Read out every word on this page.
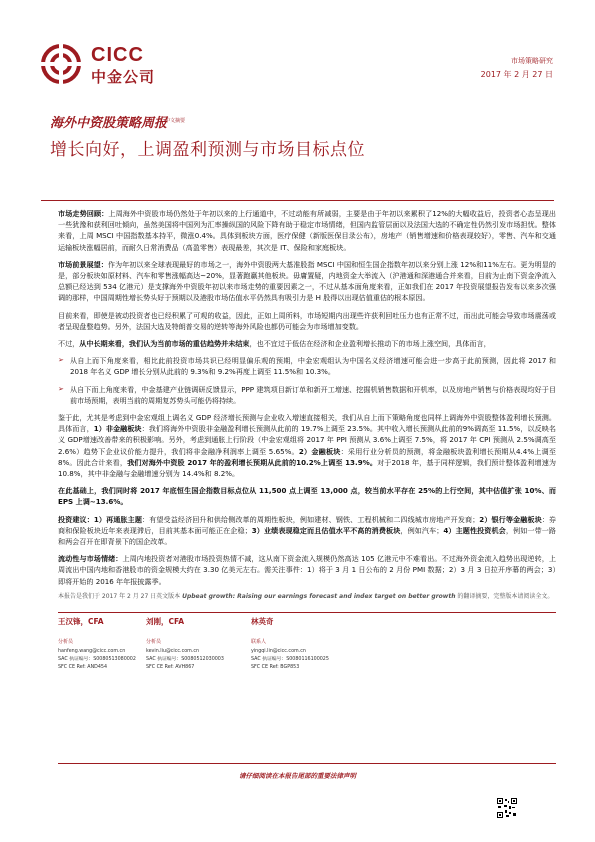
CICC
中金公司
市场策略研究
2017 年 2 月 27 日
海外中资股策略周报
中文摘要
增长向好，上调盈利预测与市场目标点位
市场走势回顾：上周海外中资股市场仍然处于年初以来的上行通道中，不过动能有所减弱，主要是由于年初以来累积了12%的大幅收益后，投资者心态呈现出一些犹豫和获利回吐倾向，虽然美国将中国列为汇率操纵国的风险下降有助于稳定市场情绪，但国内监管层面以及法国大选的不确定性仍然引发市场担忧。整体来看，上周 MSCI 中国指数基本持平，微涨0.4%。具体到板块方面，医疗保健（新版医保目录公布），房地产（销售增速和价格表现较好），零售、汽车和交通运输板块涨幅居前，而耐久日常消费品（高盈零售）表现最差，其次是 IT、保险和家庭板块。
市场前景展望：作为年初以来全球表现最好的市场之一，海外中资股两大基准股指 MSCI 中国和恒生国企指数年初以来分别上涨 12%和11%左右。更为明显的是，部分板块如原材料、汽车和零售涨幅高达~20%，显著跑赢其他板块。毋庸置疑，内地资金大举流入（沪港通和深港通合并来看，目前为止南下资金净流入总额已经达到 534 亿港元）是支撑海外中资股年初以来市场走势的重要因素之一，不过从基本面角度来看，正如我们在 2017 年投资展望报告发布以来多次强调的那样，中国周期性增长势头好于预期以及港股市场估值水平仍然具有吸引力是 H 股得以出现估值重估的根本原因。
目前来看，即使是被动投资者也已经积累了可观的收益，因此，正如上周所料，市场短期内出现些许获利回吐压力也有正常不过，而出此可能会导致市场震荡或者呈现盘整趋势。另外，法国大选及特朗普交易的逆转等海外风险也都仍可能会为市场增加变数。
不过，从中长期来看，我们认为当前市场的重估趋势并未结束，也不宜过于低估在经济和企业盈利增长推动下的市场上涨空间，具体而言，
➢ 从自上而下角度来看，相比此前投资市场共识已经明显偏乐观的预期，中金宏观组认为中国名义经济增速可能会进一步高于此前预测，因此将 2017 和 2018 年名义 GDP 增长分别从此前的 9.3%和 9.2%再度上调至 11.5%和 10.3%。
➢ 从自下而上角度来看，中金基建产业链调研反馈显示，PPP 建筑项目新订单和新开工增速、挖掘机销售数据和开机率，以及房地产销售与价格表现均好于目前市场预期，表明当前的周期复苏势头可能仍将持续。
鉴于此，尤其是考虑到中金宏观组上调名义 GDP 经济增长预测与企业收入增速直接相关，我们从自上而下策略角度也同样上调海外中资股整体盈利增长预测。具体而言，1）非金融板块：我们将海外中资股非金融盈利增长预测从此前的 19.7%上调至 23.5%。其中收入增长预测从此前的9%调高至 11.5%，以反映名义 GDP增速改善带来的积极影响。另外，考虑到通胀上行阶段（中金宏观组将 2017 年 PPI 预测从 3.6%上调至 7.5%，将 2017 年 CPI 预测从 2.5%调高至 2.6%）趋势下企业议价能力提升，我们将非金融净利润率上调至 5.65%。2）金融板块：采用行业分析员的预测，将金融板块盈利增长预期从4.4%上调至 8%。因此合计来看，我们对海外中资股 2017 年的盈利增长预期从此前的10.2%上调至 13.9%。对于2018 年，基于同样逻辑，我们预计整体盈利增速为 10.8%，其中非金融与金融增速分别为 14.4%和 8.2%。
在此基础上，我们同时将 2017 年底恒生国企指数目标点位从 11,500 点上调至 13,000 点，较当前水平存在 25%的上行空间，其中估值扩张 10%、而 EPS 上调~13.6%。
投资建议：1）再通胀主题：有望受益经济回升和供给侧改革的周期性板块，例如建材、钢铁、工程机械和二四线城市房地产开发商；2）银行等金融板块：券商和保险板块近年来表现滞后，目前其基本面可能正在企稳；3）业绩表现稳定而且估值水平不高的消费板块，例如汽车；4）主题性投资机会，例如一带一路和两会召开在即背景下的国企改革。
流动性与市场情绪：上周内地投资者对港股市场投资热情不减，这从南下资金流入规模仍然高达 105 亿港元中不难看出。不过海外资金流入趋势出现逆转，上周流出中国内地和香港股市的资金规模大约在 3.30 亿美元左右。需关注事件：1）将于 3 月 1 日公布的 2 月份 PMI 数据；2）3 月 3 日拉开序幕的两会；3）即将开始的 2016 年年报披露季。
本报告是我们于 2017 年 2 月 27 日英文版本 Upbeat growth: Raising our earnings forecast and index target on better growth 的翻译摘要，完整版本请阅读全文。
王汉锋，CFA
分析员
hanfeng.wang@cicc.com.cn
SAC 执证编号：S0080513080002
SFC CE Ref: AND454
刘刚，CFA
分析员
kevin.liu@cicc.com.cn
SAC 执证编号：S0080512030003
SFC CE Ref: AVH867
林英奇
联系人
yingqi.lin@cicc.com.cn
SAC 执证编号：S0080116100025
SFC CE Ref: BGP853
请仔细阅读在本报告尾部的重要法律声明
